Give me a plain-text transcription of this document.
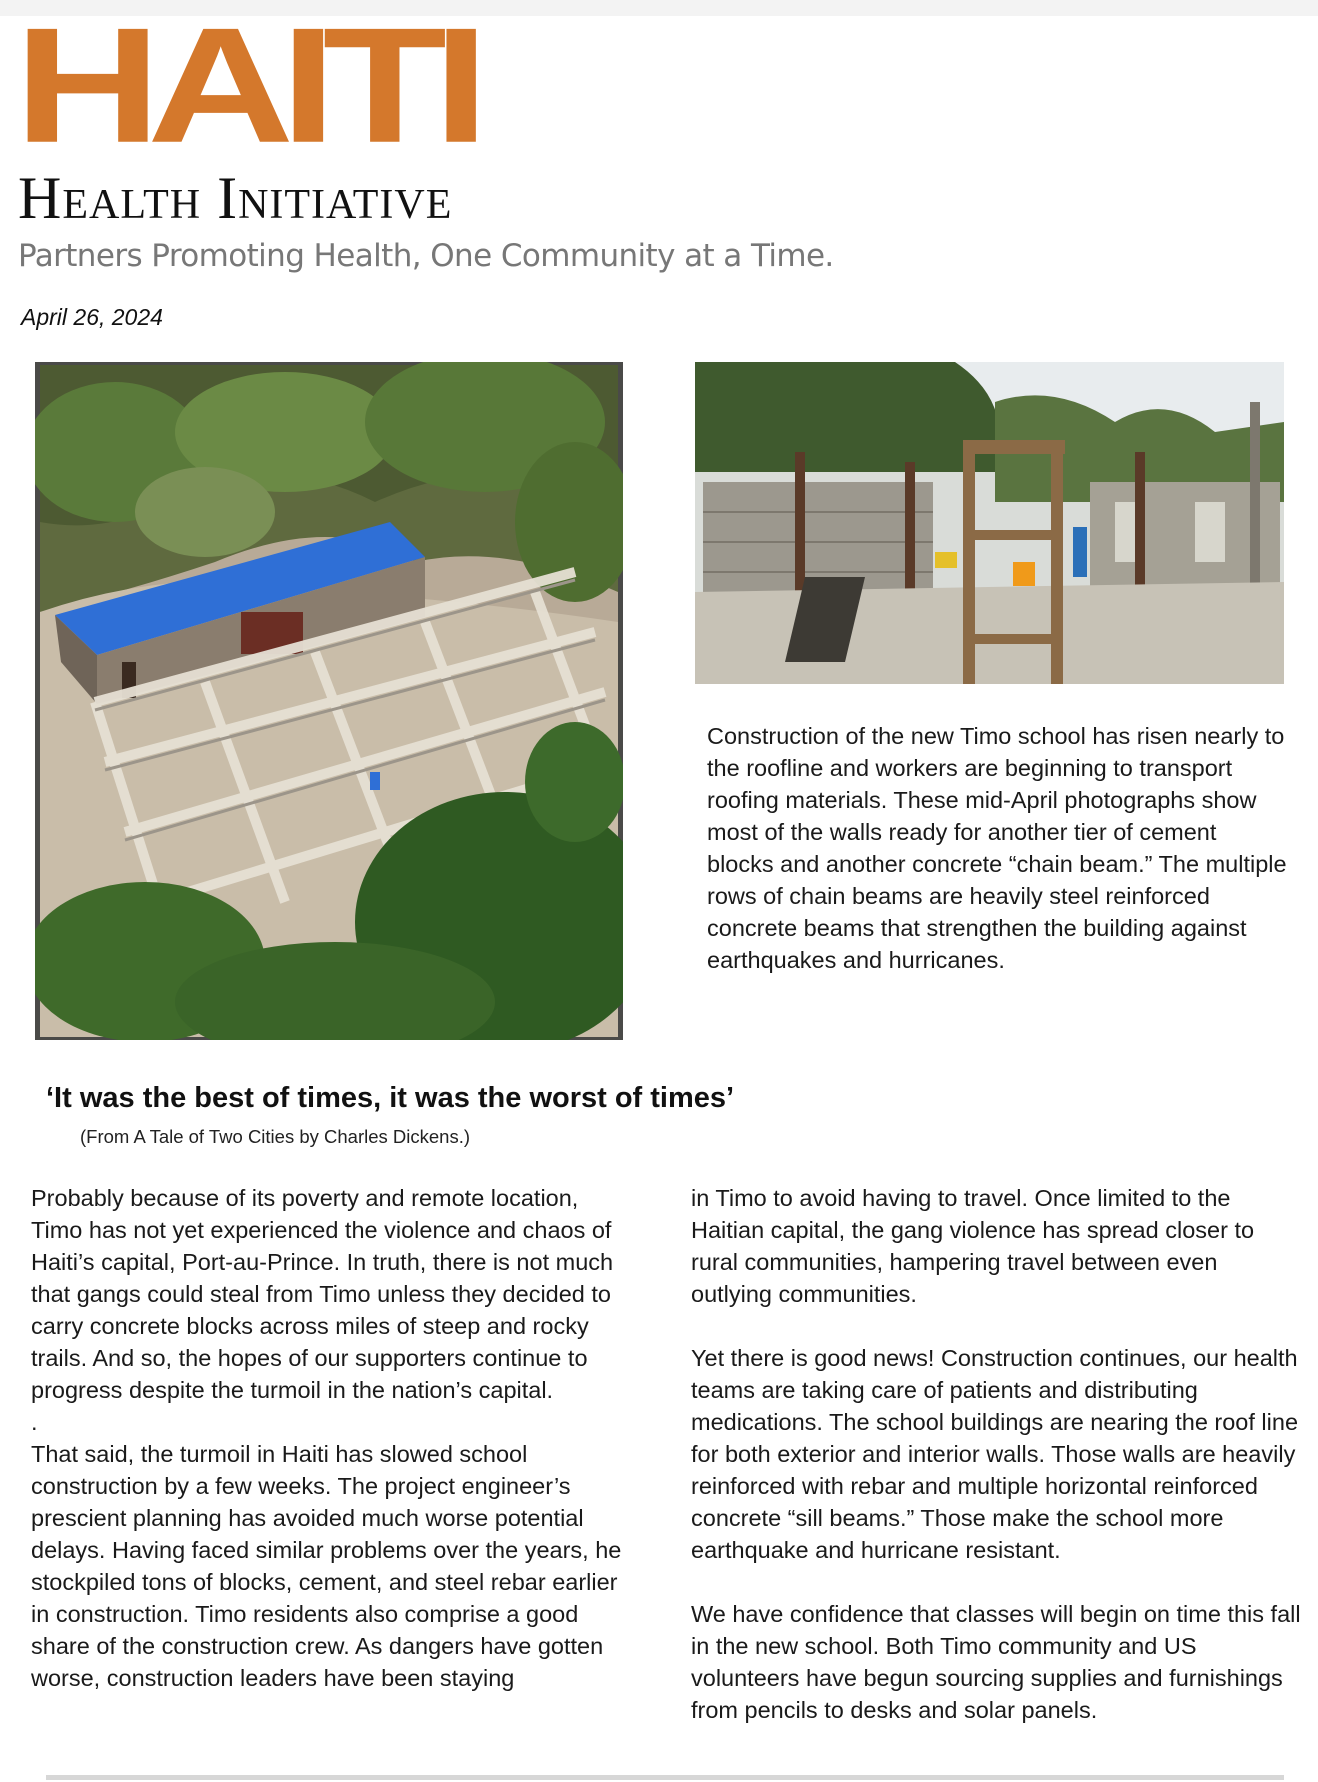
HAITI
Health Initiative
Partners Promoting Health, One Community at a Time.
April 26, 2024
Construction of the new Timo school has risen nearly to the roofline and workers are beginning to transport roofing materials. These mid-April photographs show most of the walls ready for another tier of cement blocks and another concrete “chain beam.” The multiple rows of chain beams are heavily steel reinforced concrete beams that strengthen the building against earthquakes and hurricanes.
‘It was the best of times, it was the worst of times’
(From A Tale of Two Cities by Charles Dickens.)

Probably because of its poverty and remote location, Timo has not yet experienced the violence and chaos of Haiti’s capital, Port-au-Prince. In truth, there is not much that gangs could steal from Timo unless they decided to carry concrete blocks across miles of steep and rocky trails. And so, the hopes of our supporters continue to progress despite the turmoil in the nation’s capital.

.

That said, the turmoil in Haiti has slowed school construction by a few weeks. The project engineer’s prescient planning has avoided much worse potential delays. Having faced similar problems over the years, he stockpiled tons of blocks, cement, and steel rebar earlier in construction. Timo residents also comprise a good share of the construction crew. As dangers have gotten worse, construction leaders have been staying

in Timo to avoid having to travel. Once limited to the Haitian capital, the gang violence has spread closer to rural communities, hampering travel between even outlying communities.

Yet there is good news! Construction continues, our health teams are taking care of patients and distributing medications. The school buildings are nearing the roof line for both exterior and interior walls. Those walls are heavily reinforced with rebar and multiple horizontal reinforced concrete “sill beams.” Those make the school more earthquake and hurricane resistant.

We have confidence that classes will begin on time this fall in the new school. Both Timo community and US volunteers have begun sourcing supplies and furnishings from pencils to desks and solar panels.
